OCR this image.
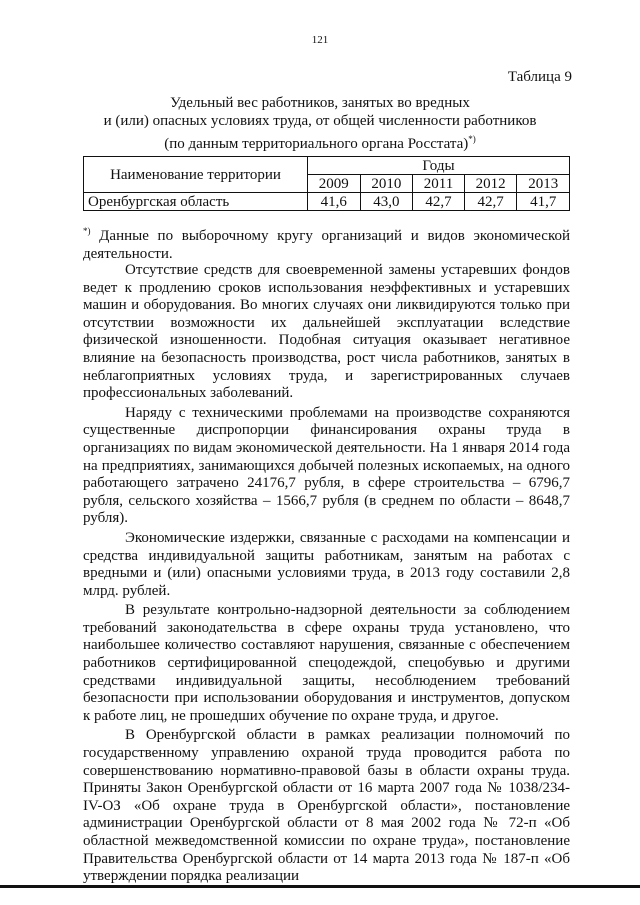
121
Таблица 9
Удельный вес работников, занятых во вредных
и (или) опасных условиях труда, от общей численности работников
(по данным территориального органа Росстата)*)
Наименование территории	Годы				
	2009	2010	2011	2012	2013
Оренбургская область	41,6	43,0	42,7	42,7	41,7
*) Данные по выборочному кругу организаций и видов экономической деятельности.

Отсутствие средств для своевременной замены устаревших фондов ведет к продлению сроков использования неэффективных и устаревших машин и оборудования. Во многих случаях они ликвидируются только при отсутствии возможности их дальнейшей эксплуатации вследствие физической изношенности. Подобная ситуация оказывает негативное влияние на безопасность производства, рост числа работников, занятых в неблагоприятных условиях труда, и зарегистрированных случаев профессиональных заболеваний.

Наряду с техническими проблемами на производстве сохраняются существенные диспропорции финансирования охраны труда в организациях по видам экономической деятельности. На 1 января 2014 года на предприятиях, занимающихся добычей полезных ископаемых, на одного работающего затрачено 24176,7 рубля, в сфере строительства – 6796,7 рубля, сельского хозяйства – 1566,7 рубля (в среднем по области – 8648,7 рубля).

Экономические издержки, связанные с расходами на компенсации и средства индивидуальной защиты работникам, занятым на работах с вредными и (или) опасными условиями труда, в 2013 году составили 2,8 млрд. рублей.

В результате контрольно-надзорной деятельности за соблюдением требований законодательства в сфере охраны труда установлено, что наибольшее количество составляют нарушения, связанные с обеспечением работников сертифицированной спецодеждой, спецобувью и другими средствами индивидуальной защиты, несоблюдением требований безопасности при использовании оборудования и инструментов, допуском к работе лиц, не прошедших обучение по охране труда, и другое.

В Оренбургской области в рамках реализации полномочий по государственному управлению охраной труда проводится работа по совершенствованию нормативно-правовой базы в области охраны труда. Приняты Закон Оренбургской области от 16 марта 2007 года № 1038/234-IV-ОЗ «Об охране труда в Оренбургской области», постановление администрации Оренбургской области от 8 мая 2002 года № 72-п «Об областной межведомственной комиссии по охране труда», постановление Правительства Оренбургской области от 14 марта 2013 года № 187-п «Об утверждении порядка реализации
